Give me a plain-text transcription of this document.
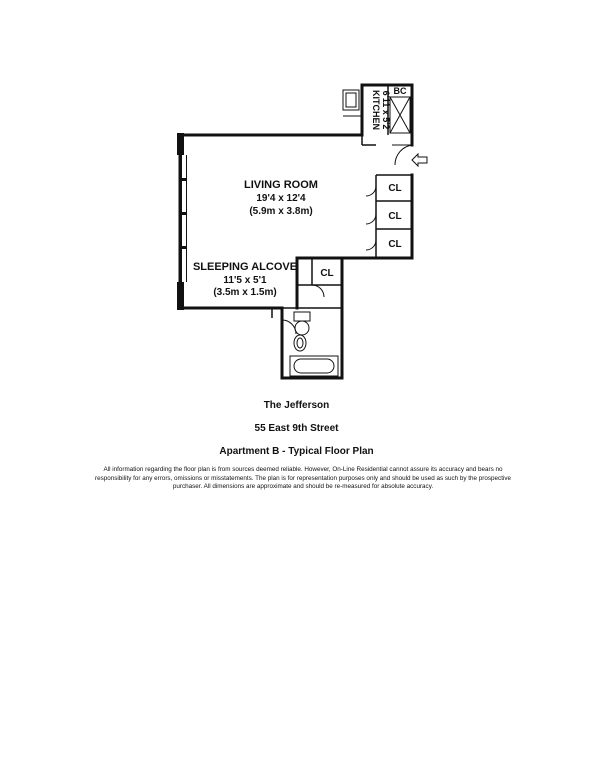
LIVING ROOM
19'4 x 12'4
(5.9m x 3.8m)
SLEEPING ALCOVE
11'5 x 5'1
(3.5m x 1.5m)
KITCHEN 6'11 x 5'2 BC
CL
CL
CL
CL
The Jefferson
55 East 9th Street
Apartment B - Typical Floor Plan
All information regarding the floor plan is from sources deemed reliable. However, On-Line Residential cannot assure its accuracy and bears no responsibility for any errors, omissions or misstatements. The plan is for representation purposes only and should be used as such by the prospective purchaser. All dimensions are approximate and should be re-measured for absolute accuracy.
